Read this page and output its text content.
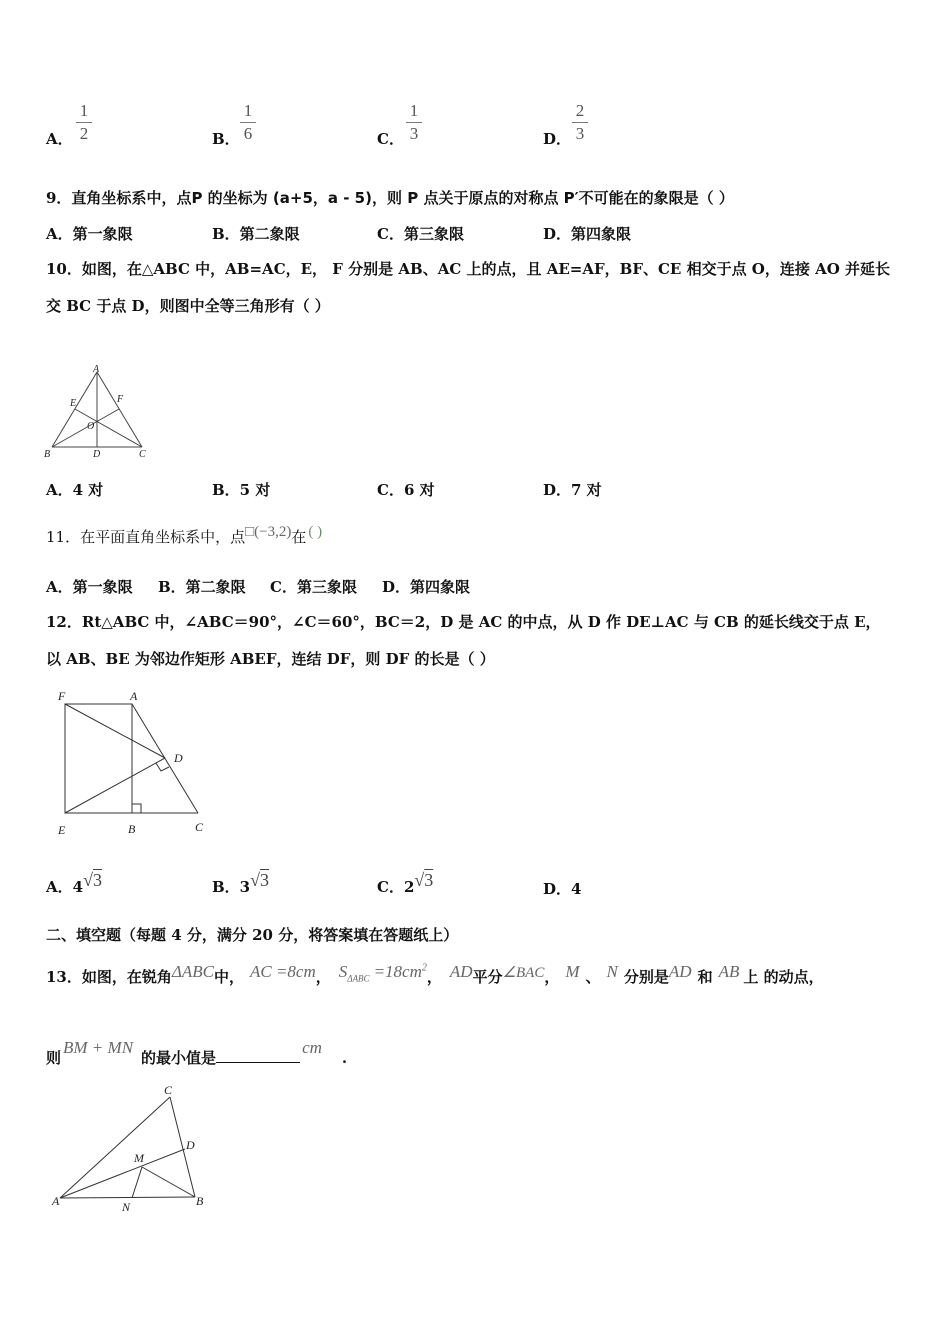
A．
1
2	B．
1
6	C．
1
3	D．
2
3
9．直角坐标系中，点P 的坐标为 (a+5，a - 5)，则 P 点关于原点的对称点 P′不可能在的象限是（ ）
A．第一象限	B．第二象限	C．第三象限	D．第四象限
10．如图，在△ABC 中，AB=AC，E， F 分别是 AB、AC 上的点，且 AE=AF，BF、CE 相交于点 O，连接 AO 并延长
交 BC 于点 D，则图中全等三角形有（ ）
A
B	C
D
E	F
O
A．4 对	B．5 对	C．6 对	D．7 对
11．在平面直角坐标系中，点□(−3,2)在 ( )
A．第一象限 B．第二象限 C．第三象限 D．第四象限
12．Rt△ABC 中，∠ABC＝90°，∠C＝60°，BC＝2，D 是 AC 的中点，从 D 作 DE⊥AC 与 CB 的延长线交于点 E，
以 AB、BE 为邻边作矩形 ABEF，连结 DF，则 DF 的长是（ ）
F	A
D
E	B	C
A．4√3	B．3√3	C．2√3	D．4
二、填空题（每题 4 分，满分 20 分，将答案填在答题纸上）
13．如图，在锐角ΔABC中， AC =8cm， $S_{\Delta ABC} =18cm^2$， AD平分∠BAC， M 、 N 分别是AD 和 AB 上 的动点，
则BM + MN的最小值是cm.
C
D
M
A	N	B
